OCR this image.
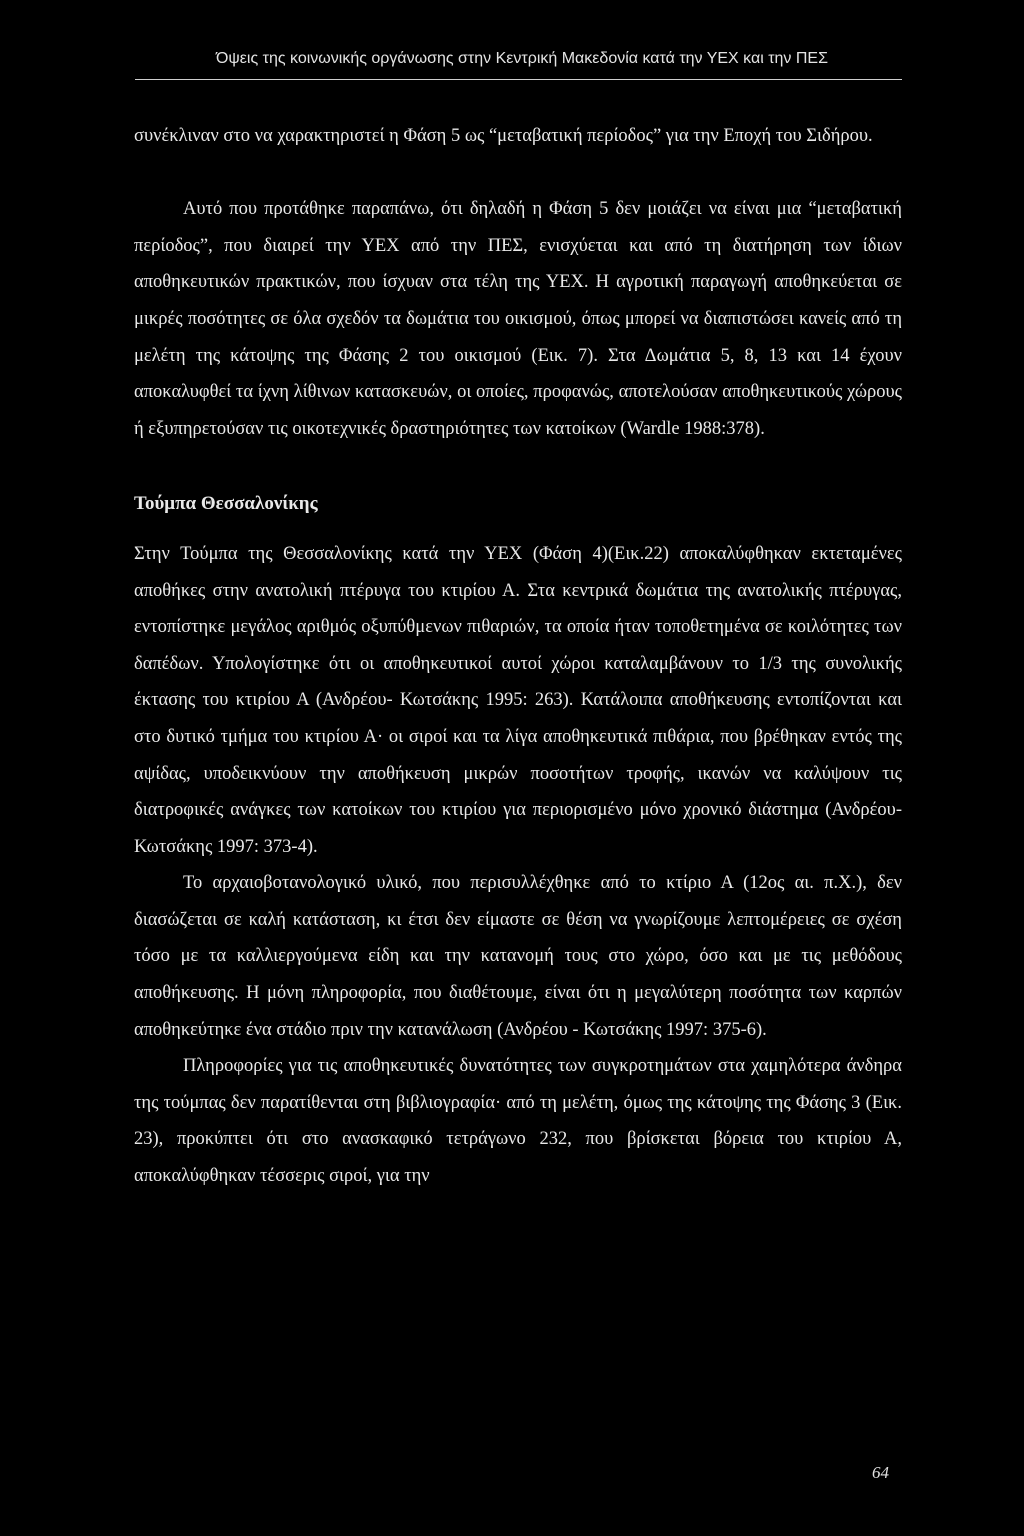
Όψεις της κοινωνικής οργάνωσης στην Κεντρική Μακεδονία κατά την ΥΕΧ και την ΠΕΣ

συνέκλιναν στο να χαρακτηριστεί η Φάση 5 ως “μεταβατική περίοδος” για την Εποχή του Σιδήρου.

Αυτό που προτάθηκε παραπάνω, ότι δηλαδή η Φάση 5 δεν μοιάζει να είναι μια “μεταβατική περίοδος”, που διαιρεί την ΥΕΧ από την ΠΕΣ, ενισχύεται και από τη διατήρηση των ίδιων αποθηκευτικών πρακτικών, που ίσχυαν στα τέλη της ΥΕΧ. Η αγροτική παραγωγή αποθηκεύεται σε μικρές ποσότητες σε όλα σχεδόν τα δωμάτια του οικισμού, όπως μπορεί να διαπιστώσει κανείς από τη μελέτη της κάτοψης της Φάσης 2 του οικισμού (Εικ. 7). Στα Δωμάτια 5, 8, 13 και 14 έχουν αποκαλυφθεί τα ίχνη λίθινων κατασκευών, οι οποίες, προφανώς, αποτελούσαν αποθηκευτικούς χώρους ή εξυπηρετούσαν τις οικοτεχνικές δραστηριότητες των κατοίκων (Wardle 1988:378).

Τούμπα Θεσσαλονίκης

Στην Τούμπα της Θεσσαλονίκης κατά την ΥΕΧ (Φάση 4)(Εικ.22) αποκαλύφθηκαν εκτεταμένες αποθήκες στην ανατολική πτέρυγα του κτιρίου Α. Στα κεντρικά δωμάτια της ανατολικής πτέρυγας, εντοπίστηκε μεγάλος αριθμός οξυπύθμενων πιθαριών, τα οποία ήταν τοποθετημένα σε κοιλότητες των δαπέδων. Υπολογίστηκε ότι οι αποθηκευτικοί αυτοί χώροι καταλαμβάνουν το 1/3 της συνολικής έκτασης του κτιρίου Α (Ανδρέου- Κωτσάκης 1995: 263). Κατάλοιπα αποθήκευσης εντοπίζονται και στο δυτικό τμήμα του κτιρίου Α· οι σιροί και τα λίγα αποθηκευτικά πιθάρια, που βρέθηκαν εντός της αψίδας, υποδεικνύουν την αποθήκευση μικρών ποσοτήτων τροφής, ικανών να καλύψουν τις διατροφικές ανάγκες των κατοίκων του κτιρίου για περιορισμένο μόνο χρονικό διάστημα (Ανδρέου- Κωτσάκης 1997: 373-4).

Το αρχαιοβοτανολογικό υλικό, που περισυλλέχθηκε από το κτίριο Α (12ος αι. π.Χ.), δεν διασώζεται σε καλή κατάσταση, κι έτσι δεν είμαστε σε θέση να γνωρίζουμε λεπτομέρειες σε σχέση τόσο με τα καλλιεργούμενα είδη και την κατανομή τους στο χώρο, όσο και με τις μεθόδους αποθήκευσης. Η μόνη πληροφορία, που διαθέτουμε, είναι ότι η μεγαλύτερη ποσότητα των καρπών αποθηκεύτηκε ένα στάδιο πριν την κατανάλωση (Ανδρέου - Κωτσάκης 1997: 375-6).

Πληροφορίες για τις αποθηκευτικές δυνατότητες των συγκροτημάτων στα χαμηλότερα άνδηρα της τούμπας δεν παρατίθενται στη βιβλιογραφία· από τη μελέτη, όμως της κάτοψης της Φάσης 3 (Εικ. 23), προκύπτει ότι στο ανασκαφικό τετράγωνο 232, που βρίσκεται βόρεια του κτιρίου Α, αποκαλύφθηκαν τέσσερις σιροί, για την

64
